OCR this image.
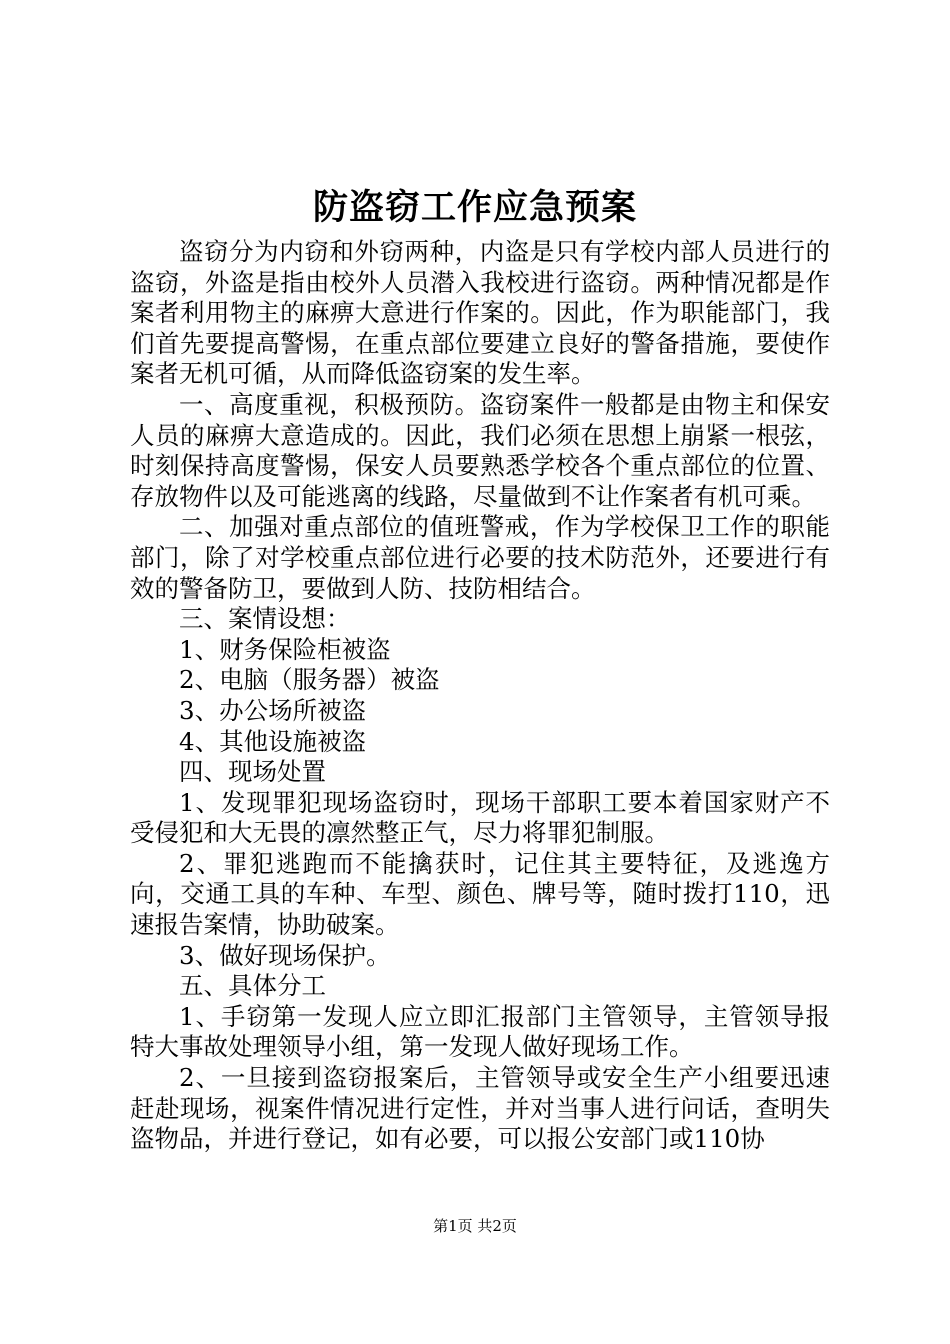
防盗窃工作应急预案

盗窃分为内窃和外窃两种，内盗是只有学校内部人员进行的盗窃，外盗是指由校外人员潜入我校进行盗窃。两种情况都是作案者利用物主的麻痹大意进行作案的。因此，作为职能部门，我们首先要提高警惕，在重点部位要建立良好的警备措施，要使作案者无机可循，从而降低盗窃案的发生率。

一、高度重视，积极预防。盗窃案件一般都是由物主和保安人员的麻痹大意造成的。因此，我们必须在思想上崩紧一根弦，时刻保持高度警惕，保安人员要熟悉学校各个重点部位的位置、存放物件以及可能逃离的线路，尽量做到不让作案者有机可乘。

二、加强对重点部位的值班警戒，作为学校保卫工作的职能部门，除了对学校重点部位进行必要的技术防范外，还要进行有效的警备防卫，要做到人防、技防相结合。

三、案情设想：

1、财务保险柜被盗

2、电脑（服务器）被盗

3、办公场所被盗

4、其他设施被盗

四、现场处置

1、发现罪犯现场盗窃时，现场干部职工要本着国家财产不受侵犯和大无畏的凛然整正气，尽力将罪犯制服。

2、罪犯逃跑而不能擒获时，记住其主要特征，及逃逸方向，交通工具的车种、车型、颜色、牌号等，随时拨打110，迅速报告案情，协助破案。

3、做好现场保护。

五、具体分工

1、手窃第一发现人应立即汇报部门主管领导，主管领导报特大事故处理领导小组，第一发现人做好现场工作。

2、一旦接到盗窃报案后，主管领导或安全生产小组要迅速赶赴现场，视案件情况进行定性，并对当事人进行问话，查明失盗物品，并进行登记，如有必要，可以报公安部门或110协

第1页 共2页
